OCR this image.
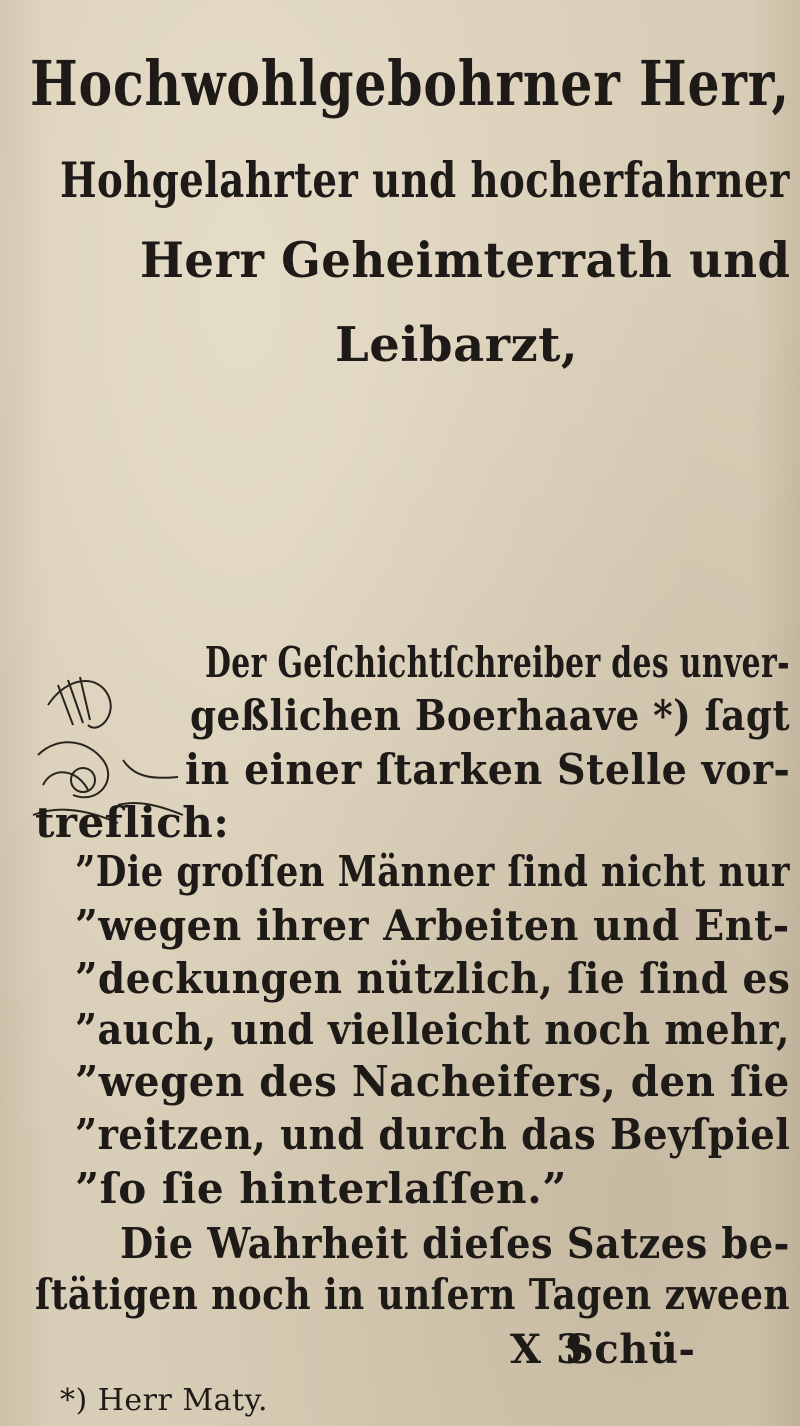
Hochwohlgebohrner Herr,
Hohgelahrter und hocherfahrner
Herr Geheimterrath und
Leibarzt,
Der Geſchichtſchreiber des unver-
geßlichen Boerhaave *) ſagt
in einer ſtarken Stelle vor-
treflich:
”Die groſſen Männer ſind nicht nur
”wegen ihrer Arbeiten und Ent-
”deckungen nützlich, ſie ſind es
”auch, und vielleicht noch mehr,
”wegen des Nacheifers, den ſie
”reitzen, und durch das Beyſpiel
”ſo ſie hinterlaſſen.”
Die Wahrheit dieſes Satzes be-
ſtätigen noch in unſern Tagen zween
X 3
Schü-
*) Herr Maty.
